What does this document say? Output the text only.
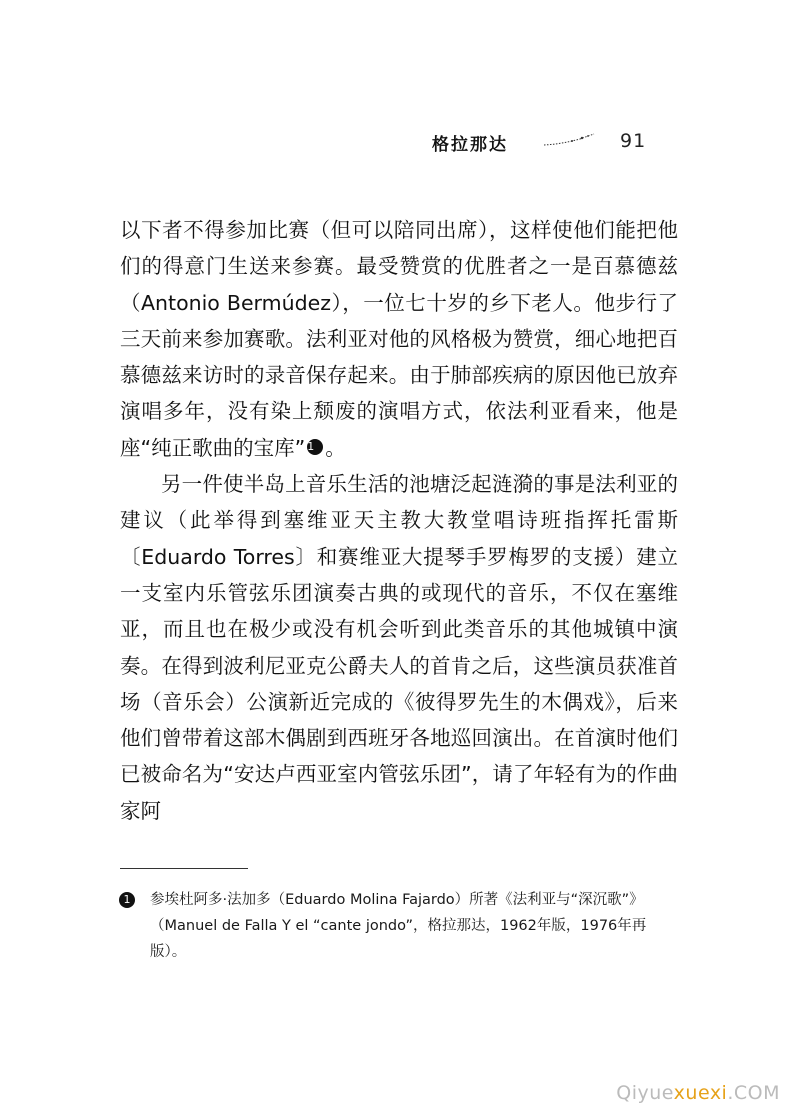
格拉那达	91

以下者不得参加比赛（但可以陪同出席），这样使他们能把他们的得意门生送来参赛。最受赞赏的优胜者之一是百慕德兹（Antonio Bermúdez），一位七十岁的乡下老人。他步行了三天前来参加赛歌。法利亚对他的风格极为赞赏，细心地把百慕德兹来访时的录音保存起来。由于肺部疾病的原因他已放弃演唱多年，没有染上颓废的演唱方式，依法利亚看来，他是座“纯正歌曲的宝库” 1 。

另一件使半岛上音乐生活的池塘泛起涟漪的事是法利亚的建议（此举得到塞维亚天主教大教堂唱诗班指挥托雷斯〔Eduardo Torres〕和赛维亚大提琴手罗梅罗的支援）建立一支室内乐管弦乐团演奏古典的或现代的音乐，不仅在塞维亚，而且也在极少或没有机会听到此类音乐的其他城镇中演奏。在得到波利尼亚克公爵夫人的首肯之后，这些演员获准首场（音乐会）公演新近完成的《彼得罗先生的木偶戏》，后来他们曾带着这部木偶剧到西班牙各地巡回演出。在首演时他们已被命名为“安达卢西亚室内管弦乐团”，请了年轻有为的作曲家阿

1	参埃杜阿多·法加多（Eduardo Molina Fajardo）所著《法利亚与“深沉歌”》（Manuel de Falla Y el “cante jondo”，格拉那达，1962年版，1976年再版）。
Qiyuexuexi.COM
